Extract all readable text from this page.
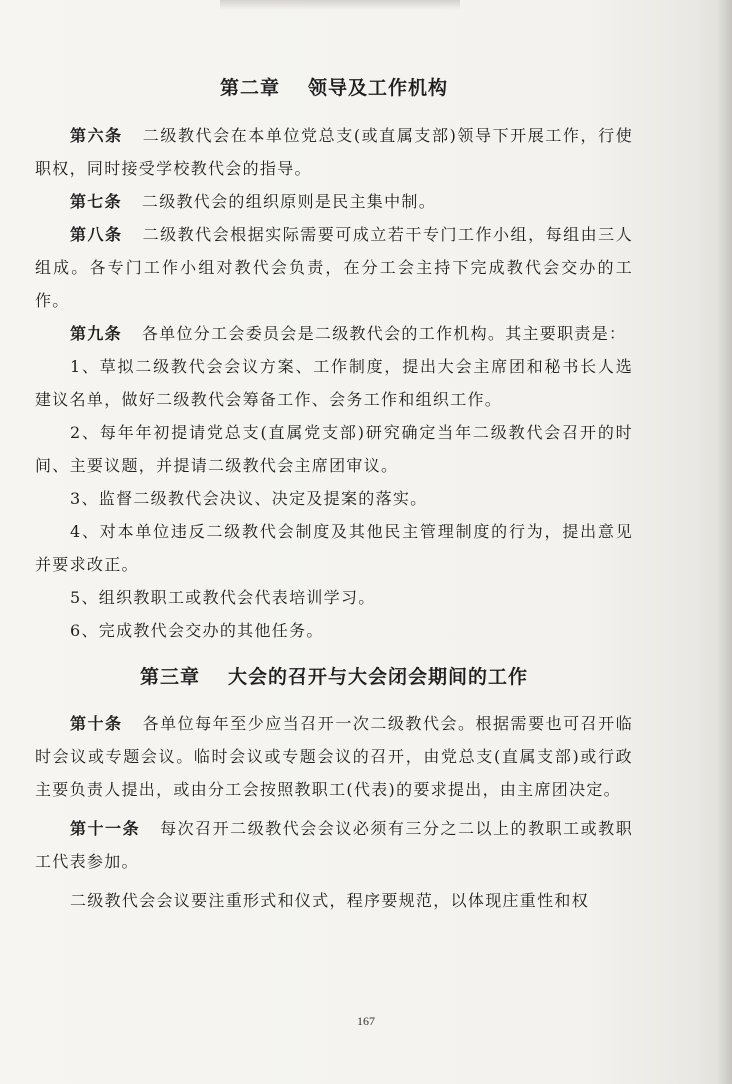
第二章 领导及工作机构

第六条 二级教代会在本单位党总支(或直属支部)领导下开展工作，行使职权，同时接受学校教代会的指导。

第七条 二级教代会的组织原则是民主集中制。

第八条 二级教代会根据实际需要可成立若干专门工作小组，每组由三人组成。各专门工作小组对教代会负责，在分工会主持下完成教代会交办的工作。

第九条 各单位分工会委员会是二级教代会的工作机构。其主要职责是：

1、草拟二级教代会会议方案、工作制度，提出大会主席团和秘书长人选建议名单，做好二级教代会筹备工作、会务工作和组织工作。

2、每年年初提请党总支(直属党支部)研究确定当年二级教代会召开的时间、主要议题，并提请二级教代会主席团审议。

3、监督二级教代会决议、决定及提案的落实。

4、对本单位违反二级教代会制度及其他民主管理制度的行为，提出意见并要求改正。

5、组织教职工或教代会代表培训学习。

6、完成教代会交办的其他任务。

第三章 大会的召开与大会闭会期间的工作

第十条 各单位每年至少应当召开一次二级教代会。根据需要也可召开临时会议或专题会议。临时会议或专题会议的召开，由党总支(直属支部)或行政主要负责人提出，或由分工会按照教职工(代表)的要求提出，由主席团决定。

第十一条 每次召开二级教代会会议必须有三分之二以上的教职工或教职工代表参加。

二级教代会会议要注重形式和仪式，程序要规范，以体现庄重性和权

167
